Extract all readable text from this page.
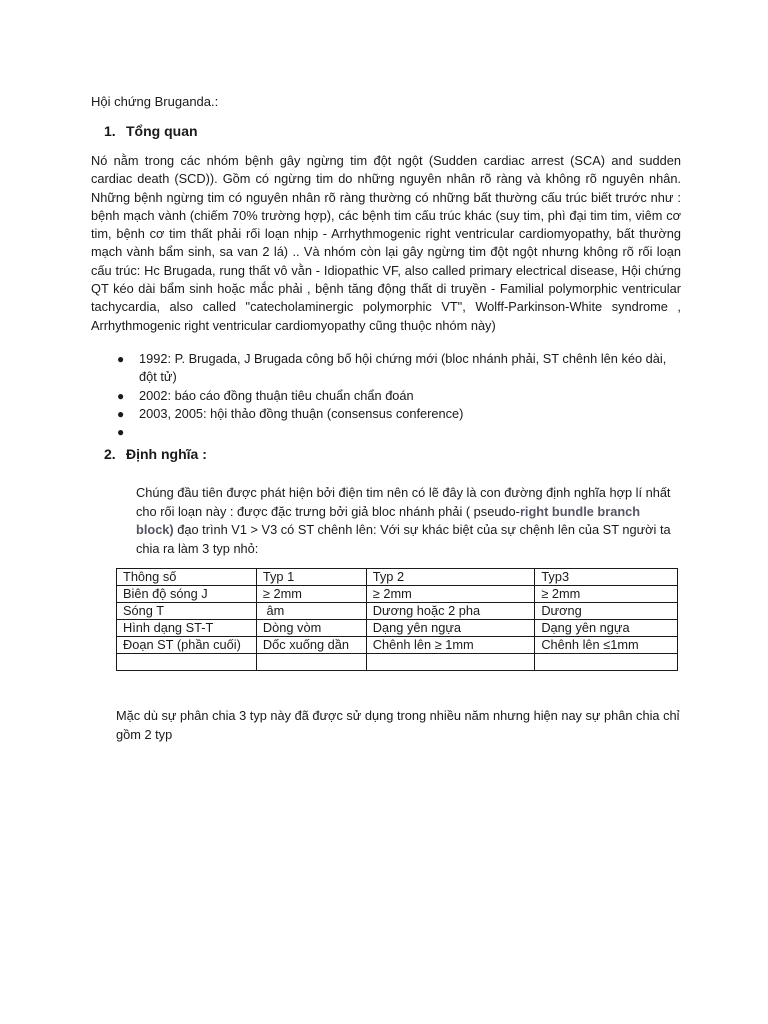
Hội chứng Bruganda.:

1. Tổng quan

Nó nằm trong các nhóm bệnh gây ngừng tim đột ngột (Sudden cardiac arrest (SCA) and sudden cardiac death (SCD)). Gồm có ngừng tim do những nguyên nhân rõ ràng và không rõ nguyên nhân. Những bệnh ngừng tim có nguyên nhân rõ ràng thường có những bất thường cấu trúc biết trước như : bệnh mạch vành (chiếm 70% trường hợp), các bệnh tim cấu trúc khác (suy tim, phì đại tim tim, viêm cơ tim, bệnh cơ tim thất phải rối loạn nhịp - Arrhythmogenic right ventricular cardiomyopathy, bất thường mạch vành bẩm sinh, sa van 2 lá) .. Và nhóm còn lại gây ngừng tim đột ngột nhưng không rõ rối loạn cấu trúc: Hc Brugada, rung thất vô vằn - Idiopathic VF, also called primary electrical disease, Hội chứng QT kéo dài bẩm sinh hoặc mắc phải , bệnh tăng động thất di truyền - Familial polymorphic ventricular tachycardia, also called "catecholaminergic polymorphic VT", Wolff-Parkinson-White syndrome , Arrhythmogenic right ventricular cardiomyopathy cũng thuộc nhóm này)

● 1992: P. Brugada, J Brugada công bố hội chứng mới (bloc nhánh phải, ST chênh lên kéo dài, đột tử)
● 2002: báo cáo đồng thuận tiêu chuẩn chẩn đoán
● 2003, 2005: hội thảo đồng thuận (consensus conference)
●
2. Định nghĩa :

Chúng đầu tiên được phát hiện bởi điện tim nên có lẽ đây là con đường định nghĩa hợp lí nhất cho rối loạn này : được đặc trưng bởi giả bloc nhánh phải ( pseudo-right bundle branch block) đạo trình V1 > V3 có ST chênh lên: Với sự khác biệt của sự chệnh lên của ST người ta chia ra làm 3 typ nhỏ:

Thông số	Typ 1	Typ 2	Typ3
Biên độ sóng J	≥ 2mm	≥ 2mm	≥ 2mm
Sóng T	âm	Dương hoặc 2 pha	Dương
Hình dạng ST-T	Dòng vòm	Dạng yên ngựa	Dạng yên ngựa
Đoạn ST (phần cuối)	Dốc xuống dần	Chênh lên ≥ 1mm	Chênh lên ≤1mm

Mặc dù sự phân chia 3 typ này đã được sử dụng trong nhiều năm nhưng hiện nay sự phân chia chỉ gồm 2 typ
